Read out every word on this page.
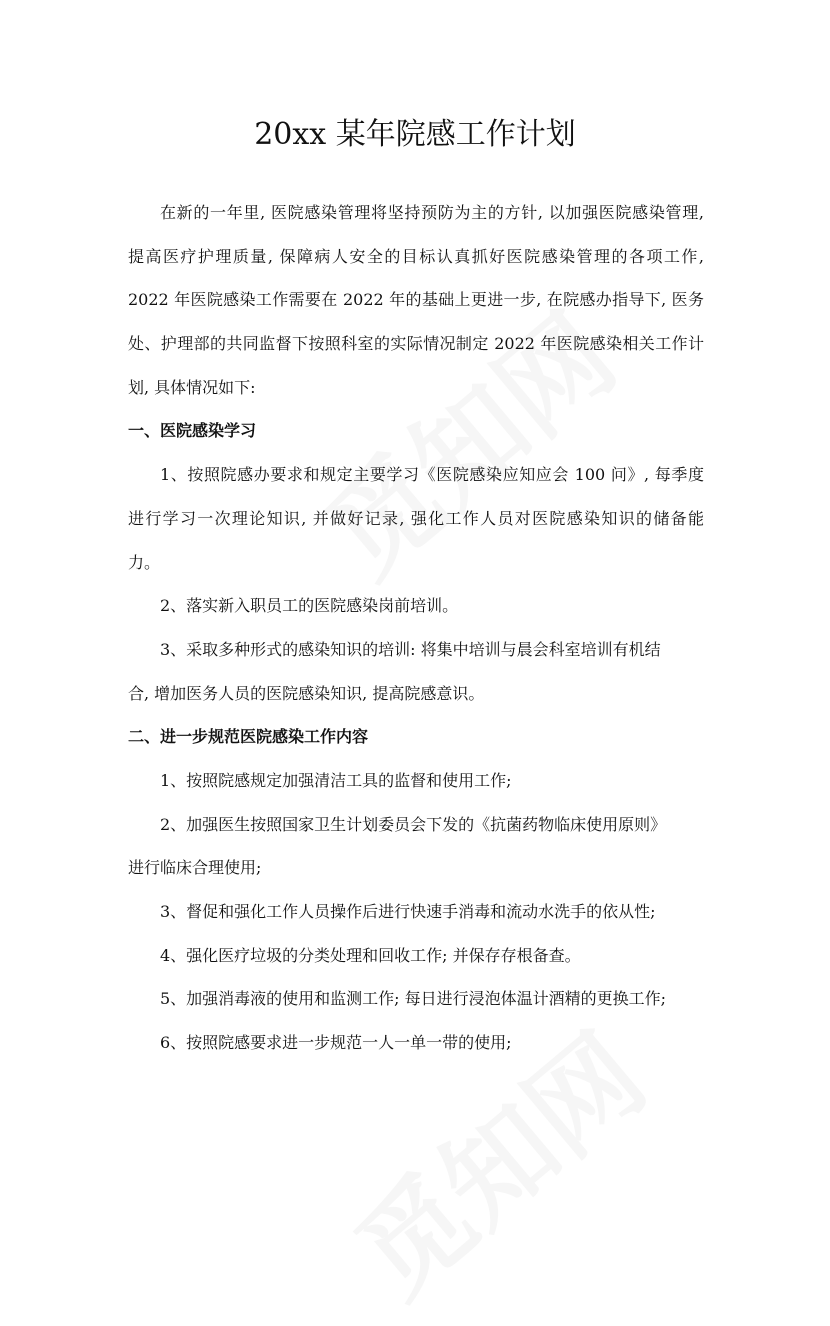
20xx 某年院感工作计划
在新的一年里, 医院感染管理将坚持预防为主的方针, 以加强医院感染管理,
提高医疗护理质量, 保障病人安全的目标认真抓好医院感染管理的各项工作,
2022 年医院感染工作需要在 2022 年的基础上更进一步, 在院感办指导下, 医务
处、护理部的共同监督下按照科室的实际情况制定 2022 年医院感染相关工作计
划, 具体情况如下:
一、医院感染学习
1、按照院感办要求和规定主要学习《医院感染应知应会 100 问》, 每季度
进行学习一次理论知识, 并做好记录, 强化工作人员对医院感染知识的储备能
力。
2、落实新入职员工的医院感染岗前培训。
3、采取多种形式的感染知识的培训: 将集中培训与晨会科室培训有机结
合, 增加医务人员的医院感染知识, 提高院感意识。
二、进一步规范医院感染工作内容
1、按照院感规定加强清洁工具的监督和使用工作;
2、加强医生按照国家卫生计划委员会下发的《抗菌药物临床使用原则》
进行临床合理使用;
3、督促和强化工作人员操作后进行快速手消毒和流动水洗手的依从性;
4、强化医疗垃圾的分类处理和回收工作; 并保存存根备查。
5、加强消毒液的使用和监测工作; 每日进行浸泡体温计酒精的更换工作;
6、按照院感要求进一步规范一人一单一带的使用;
